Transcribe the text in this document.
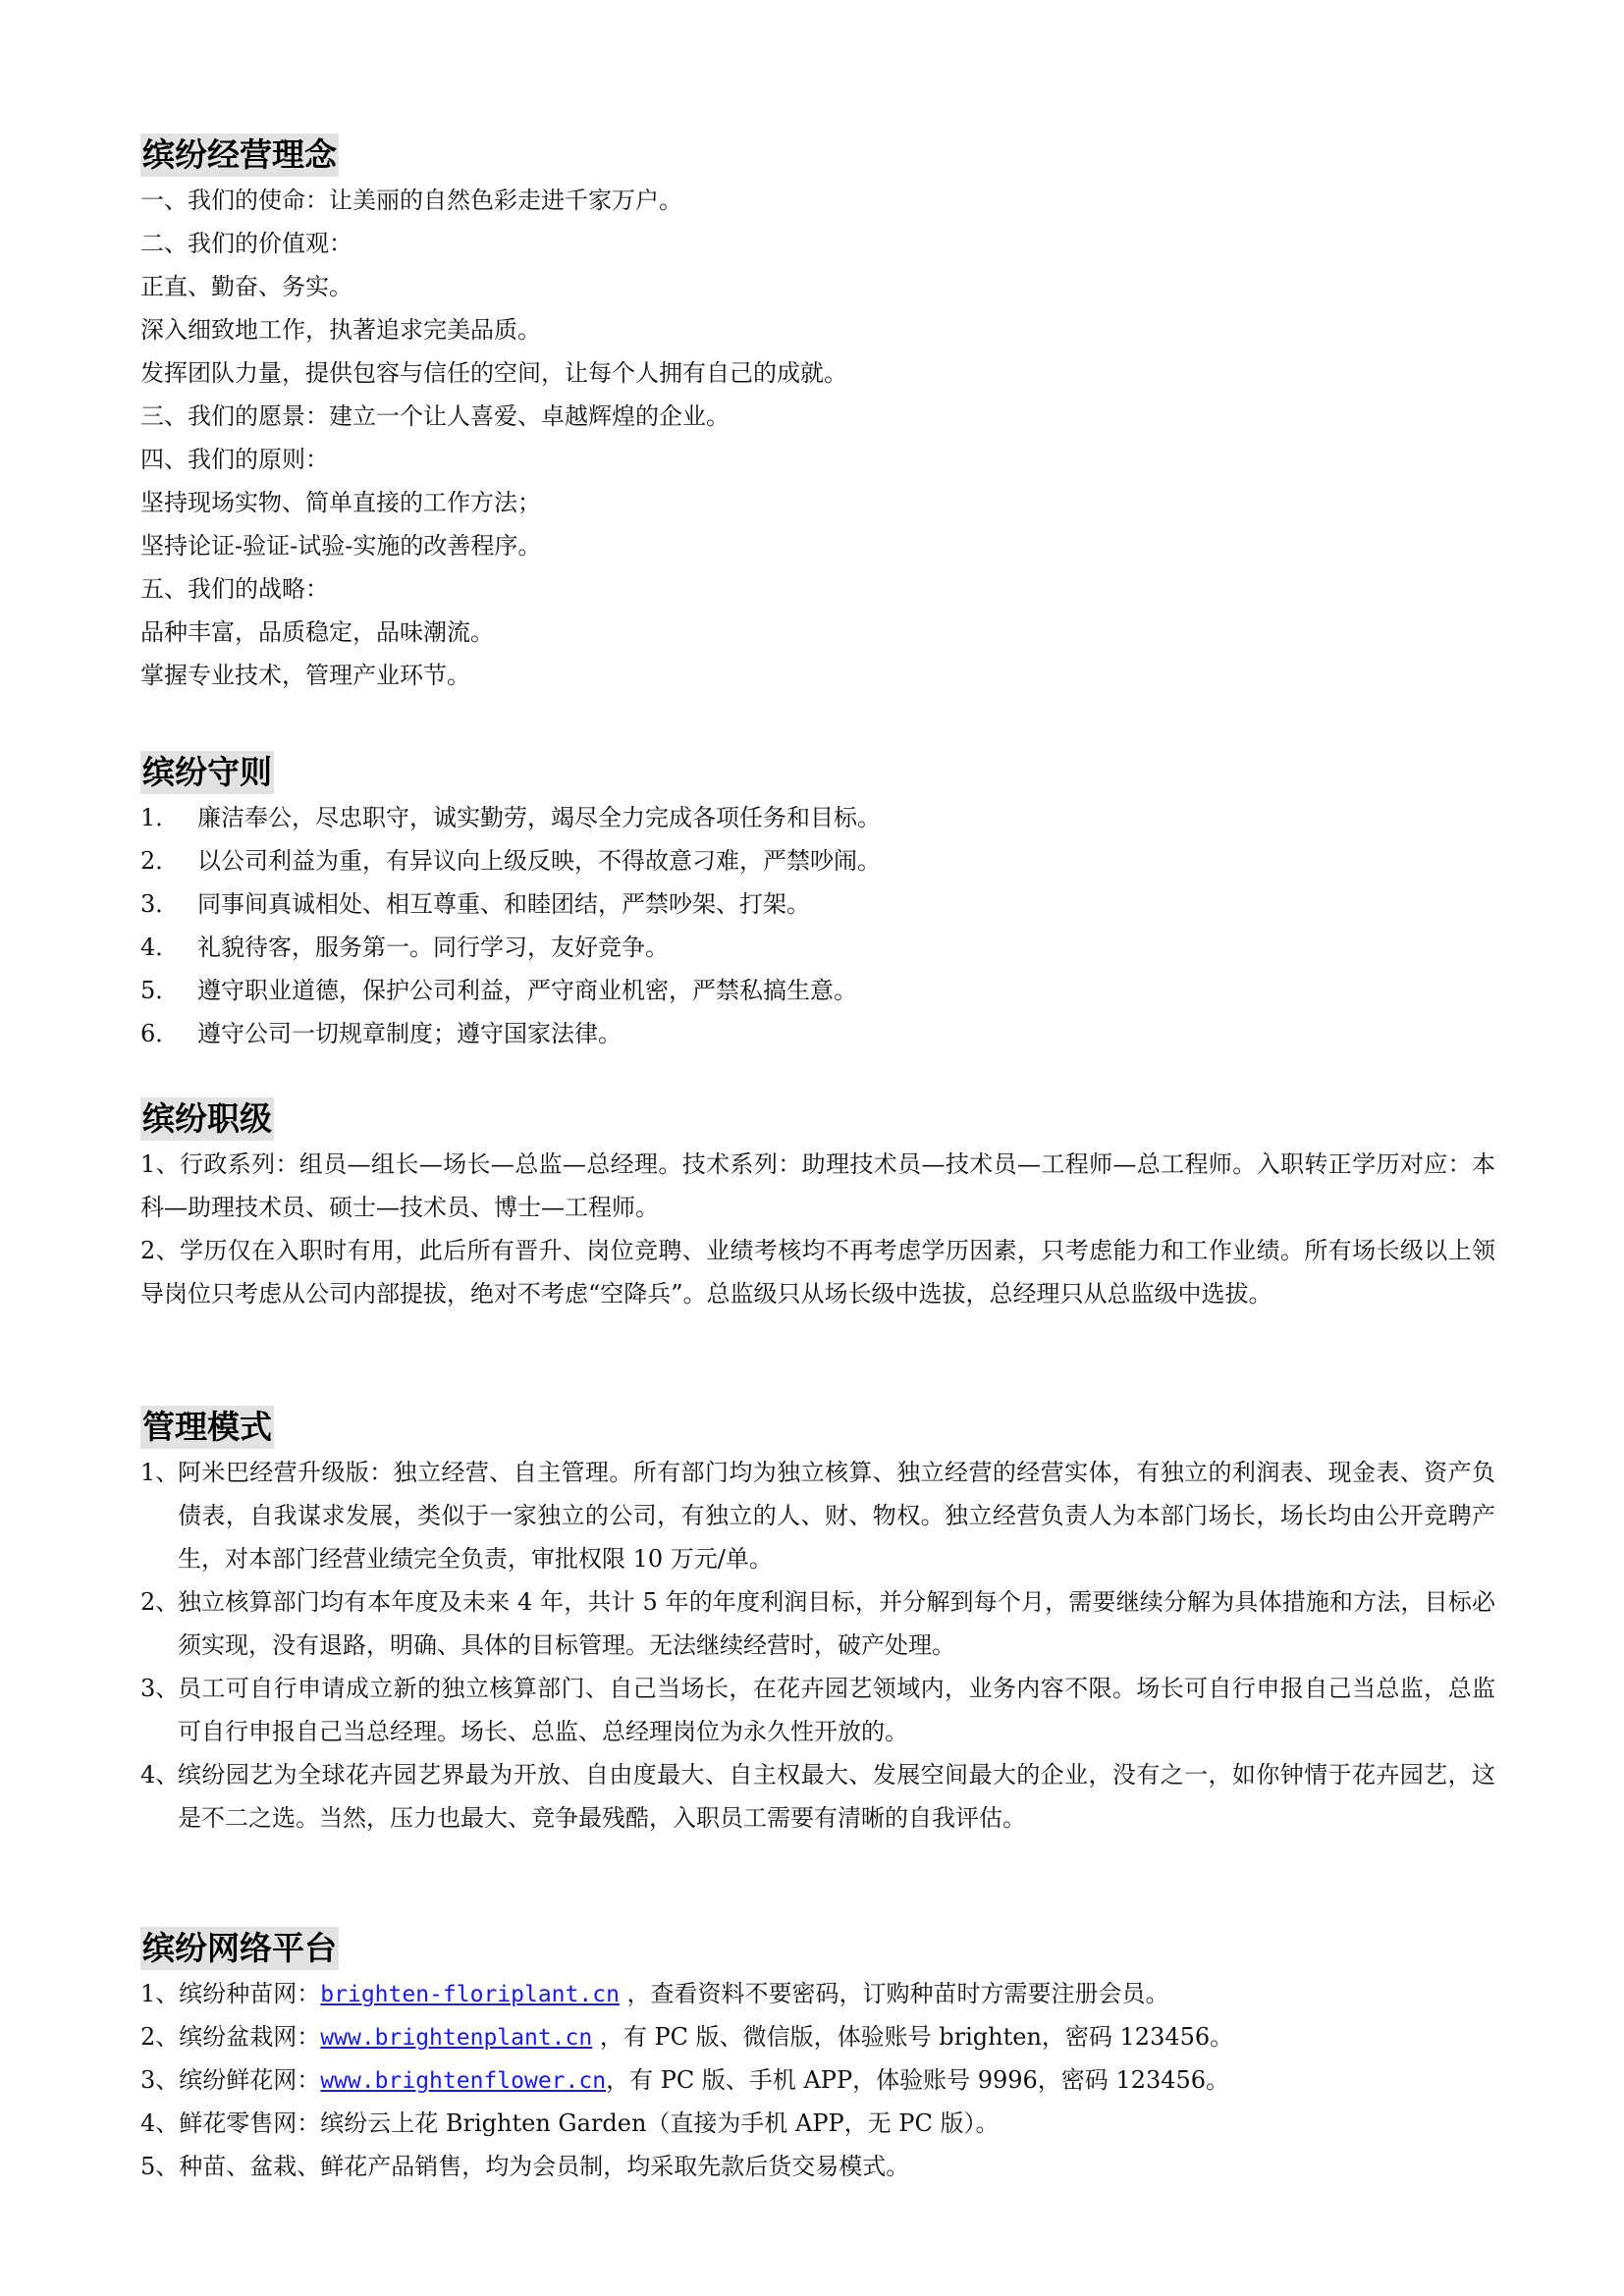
缤纷经营理念
一、我们的使命：让美丽的自然色彩走进千家万户。
二、我们的价值观：
正直、勤奋、务实。
深入细致地工作，执著追求完美品质。
发挥团队力量，提供包容与信任的空间，让每个人拥有自己的成就。
三、我们的愿景：建立一个让人喜爱、卓越辉煌的企业。
四、我们的原则：
坚持现场实物、简单直接的工作方法；
坚持论证-验证-试验-实施的改善程序。
五、我们的战略：
品种丰富，品质稳定，品味潮流。
掌握专业技术，管理产业环节。
缤纷守则
1． 廉洁奉公，尽忠职守，诚实勤劳，竭尽全力完成各项任务和目标。
2． 以公司利益为重，有异议向上级反映，不得故意刁难，严禁吵闹。
3． 同事间真诚相处、相互尊重、和睦团结，严禁吵架、打架。
4． 礼貌待客，服务第一。同行学习，友好竞争。
5． 遵守职业道德，保护公司利益，严守商业机密，严禁私搞生意。
6． 遵守公司一切规章制度；遵守国家法律。
缤纷职级
1、行政系列：组员—组长—场长—总监—总经理。技术系列：助理技术员—技术员—工程师—总工程师。入职转正学历对应：本科—助理技术员、硕士—技术员、博士—工程师。
2、学历仅在入职时有用，此后所有晋升、岗位竞聘、业绩考核均不再考虑学历因素，只考虑能力和工作业绩。所有场长级以上领导岗位只考虑从公司内部提拔，绝对不考虑“空降兵”。总监级只从场长级中选拔，总经理只从总监级中选拔。
管理模式
1、
阿米巴经营升级版：独立经营、自主管理。所有部门均为独立核算、独立经营的经营实体，有独立的利润表、现金表、资产负债表，自我谋求发展，类似于一家独立的公司，有独立的人、财、物权。独立经营负责人为本部门场长，场长均由公开竞聘产生，对本部门经营业绩完全负责，审批权限 10 万元/单。
2、
独立核算部门均有本年度及未来 4 年，共计 5 年的年度利润目标，并分解到每个月，需要继续分解为具体措施和方法，目标必须实现，没有退路，明确、具体的目标管理。无法继续经营时，破产处理。
3、
员工可自行申请成立新的独立核算部门、自己当场长，在花卉园艺领域内，业务内容不限。场长可自行申报自己当总监，总监可自行申报自己当总经理。场长、总监、总经理岗位为永久性开放的。
4、
缤纷园艺为全球花卉园艺界最为开放、自由度最大、自主权最大、发展空间最大的企业，没有之一，如你钟情于花卉园艺，这是不二之选。当然，压力也最大、竞争最残酷，入职员工需要有清晰的自我评估。
缤纷网络平台
1、缤纷种苗网：brighten-floriplant.cn ，查看资料不要密码，订购种苗时方需要注册会员。
2、缤纷盆栽网：www.brightenplant.cn ，有 PC 版、微信版，体验账号 brighten，密码 123456。
3、缤纷鲜花网：www.brightenflower.cn，有 PC 版、手机 APP，体验账号 9996，密码 123456。
4、鲜花零售网：缤纷云上花 Brighten Garden（直接为手机 APP，无 PC 版）。
5、种苗、盆栽、鲜花产品销售，均为会员制，均采取先款后货交易模式。
